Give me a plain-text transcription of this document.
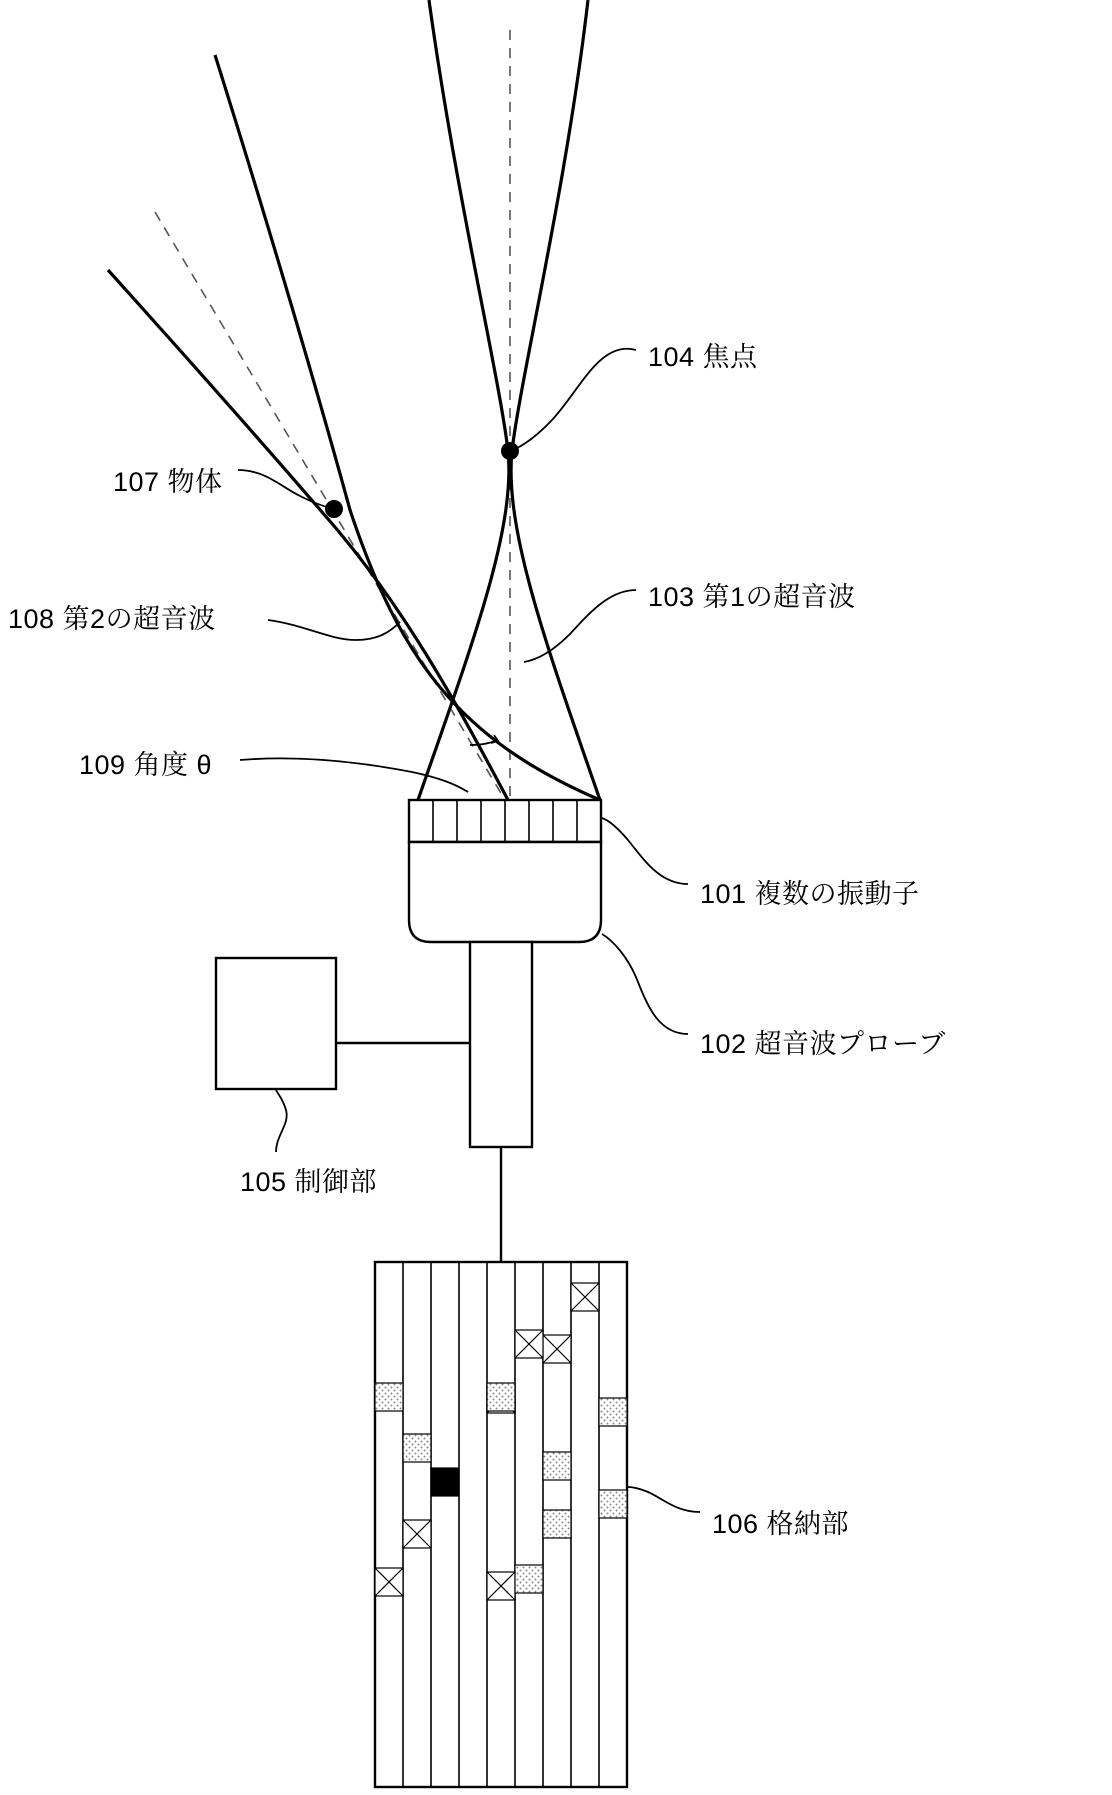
104 焦点
107 物体
103 第1の超音波
108 第2の超音波
109 角度 θ
101 複数の振動子
102 超音波プローブ
105 制御部
106 格納部
